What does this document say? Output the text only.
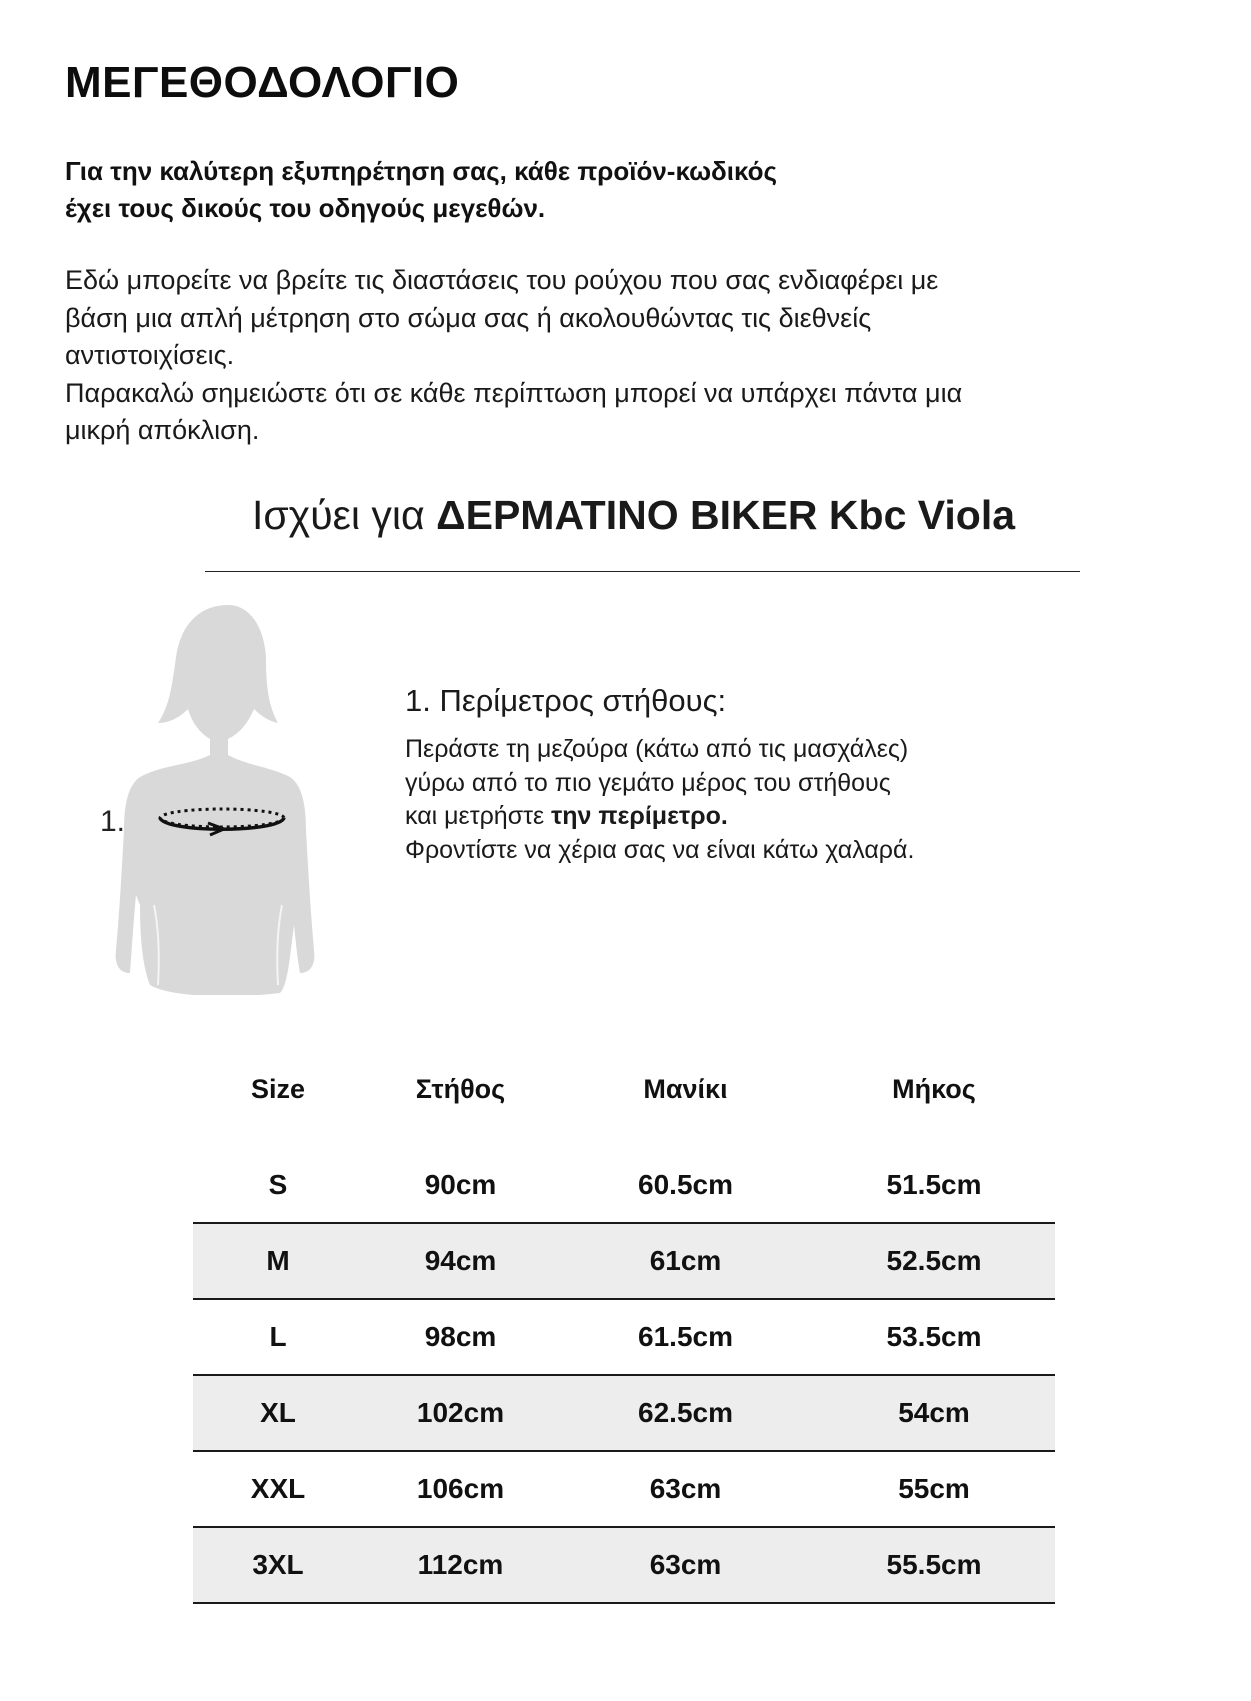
ΜΕΓΕΘΟΔΟΛΟΓΙΟ
Για την καλύτερη εξυπηρέτηση σας, κάθε προϊόν-κωδικός
έχει τους δικούς του οδηγούς μεγεθών.
Εδώ μπορείτε να βρείτε τις διαστάσεις του ρούχου που σας ενδιαφέρει με
βάση μια απλή μέτρηση στο σώμα σας ή ακολουθώντας τις διεθνείς
αντιστοιχίσεις.
Παρακαλώ σημειώστε ότι σε κάθε περίπτωση μπορεί να υπάρχει πάντα μια
μικρή απόκλιση.
Ισχύει για ΔΕΡΜΑΤΙΝΟ BIKER Kbc Viola
1.
1. Περίμετρος στήθους:
Περάστε τη μεζούρα (κάτω από τις μασχάλες)
γύρω από το πιο γεμάτο μέρος του στήθους
και μετρήστε την περίμετρο.
Φροντίστε να χέρια σας να είναι κάτω χαλαρά.
Size	Στήθος	Μανίκι	Μήκος

S	90cm	60.5cm	51.5cm
M	94cm	61cm	52.5cm
L	98cm	61.5cm	53.5cm
XL	102cm	62.5cm	54cm
XXL	106cm	63cm	55cm
3XL	112cm	63cm	55.5cm
